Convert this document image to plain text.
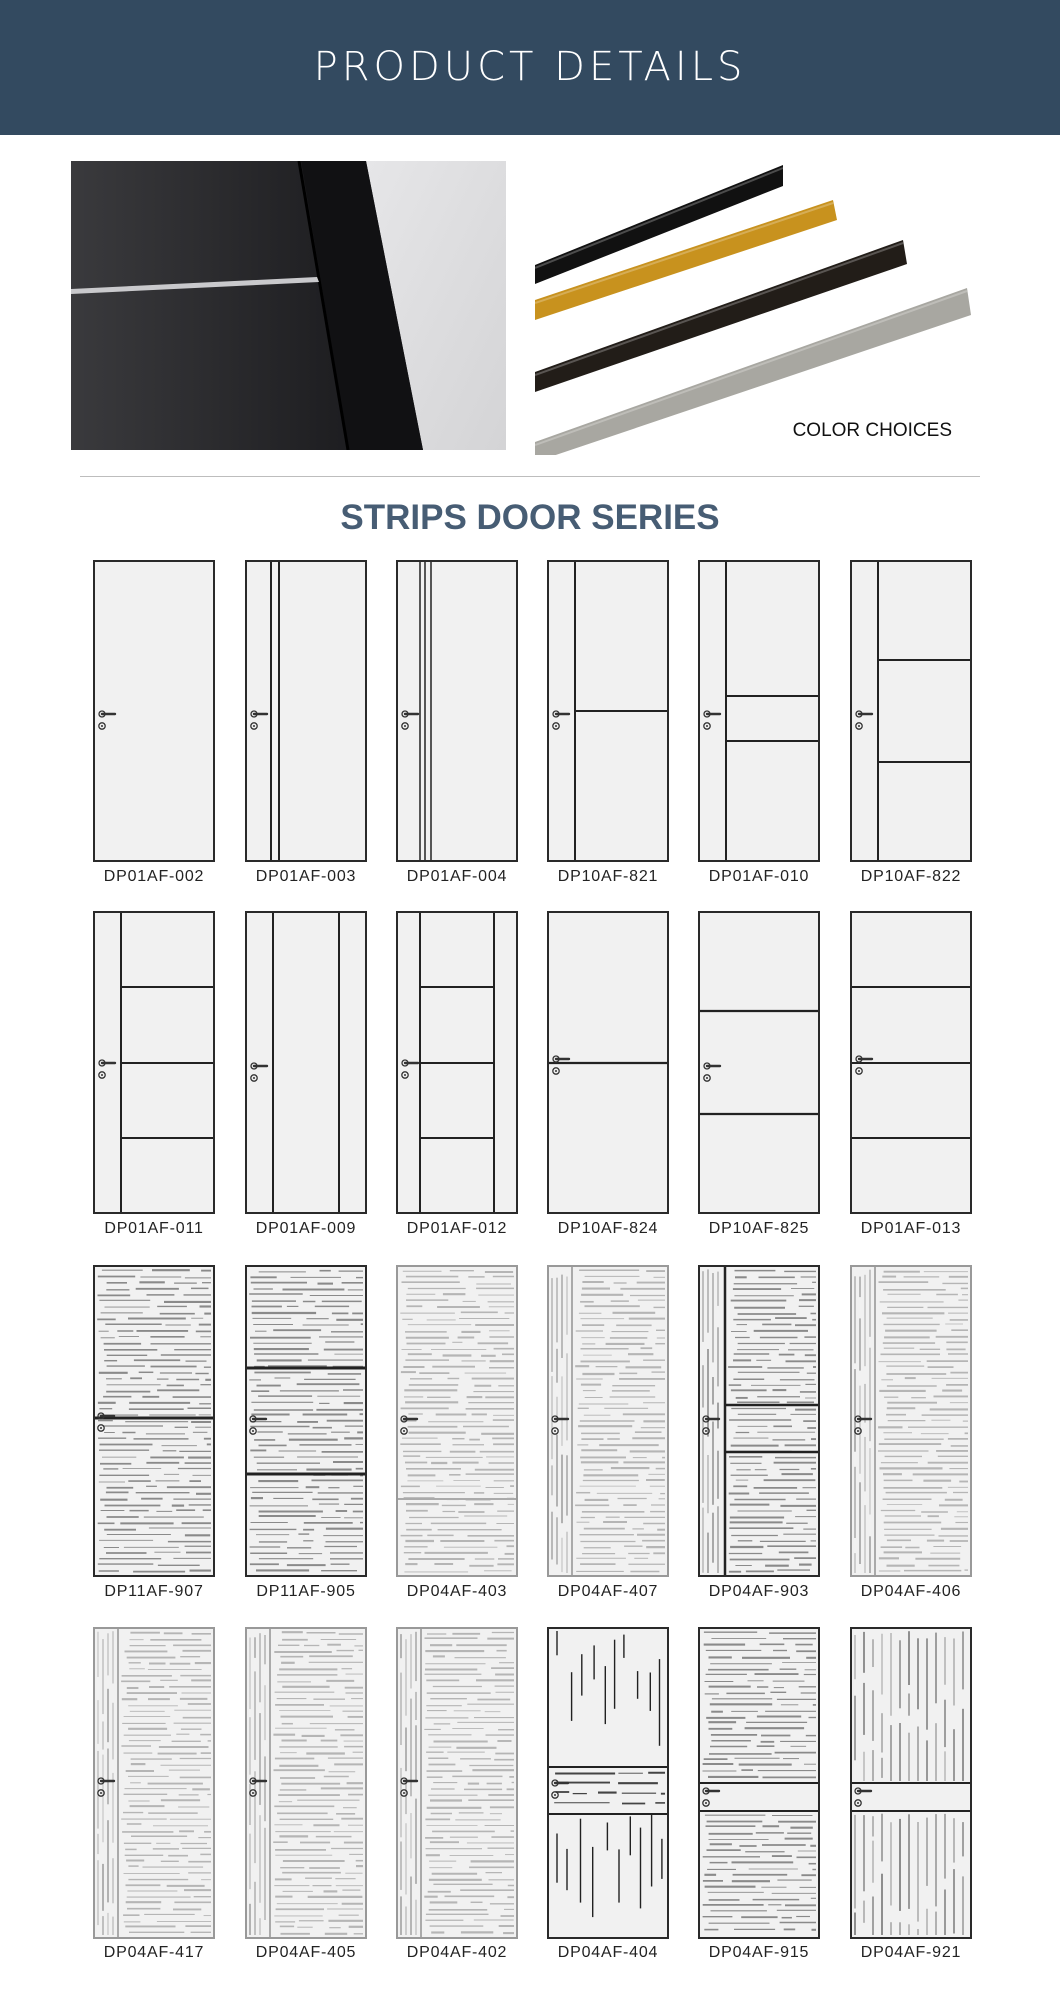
PRODUCT DETAILS
COLOR CHOICES
STRIPS DOOR SERIES
DP01AF-002	DP01AF-003	DP01AF-004	DP10AF-821	DP01AF-010	DP10AF-822
DP01AF-011	DP01AF-009	DP01AF-012	DP10AF-824	DP10AF-825	DP01AF-013
DP11AF-907	DP11AF-905	DP04AF-403	DP04AF-407	DP04AF-903	DP04AF-406
DP04AF-417	DP04AF-405	DP04AF-402	DP04AF-404	DP04AF-915	DP04AF-921
